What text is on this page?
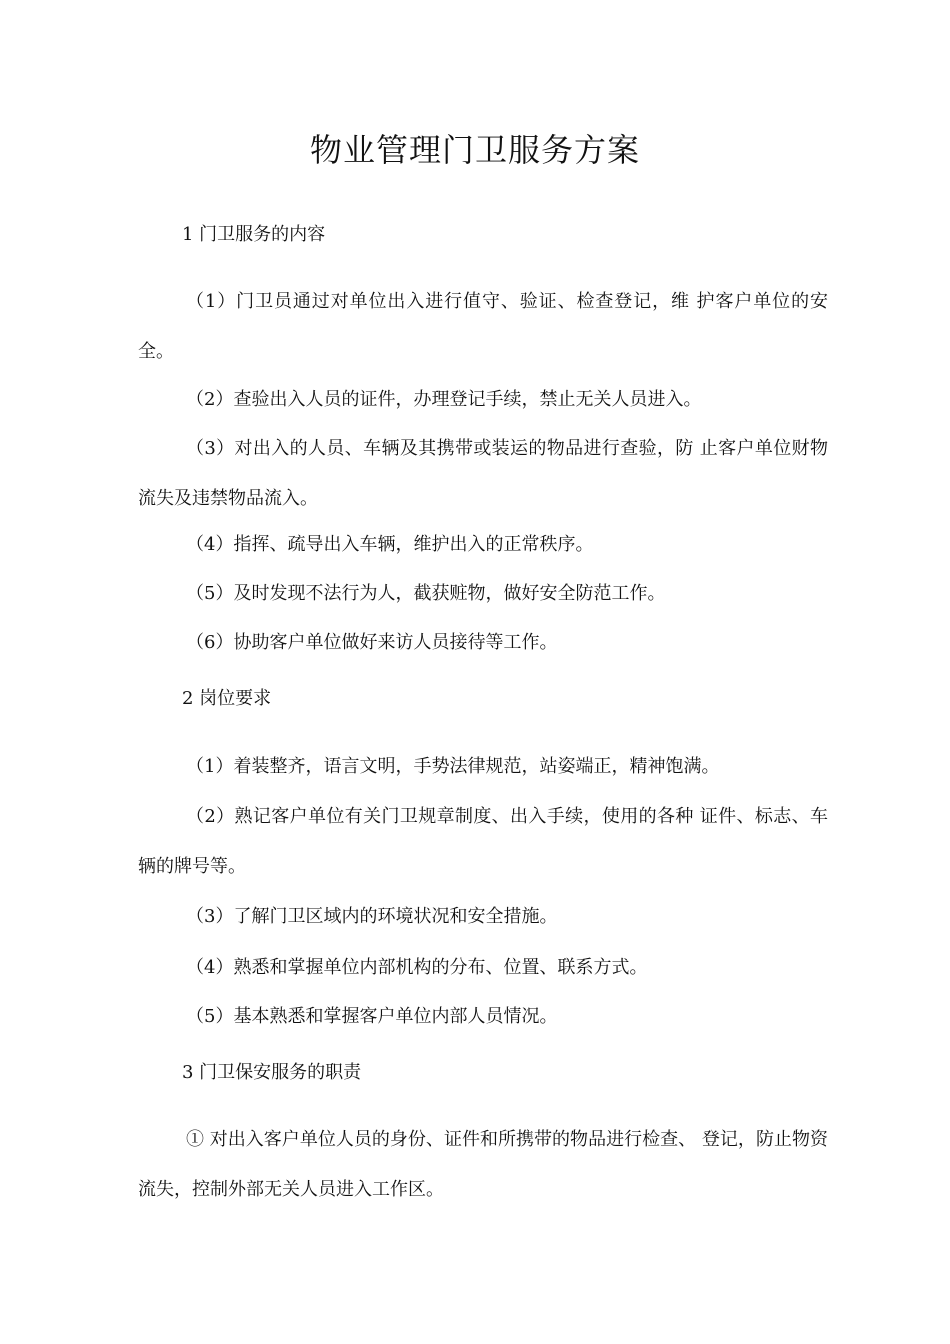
物业管理门卫服务方案
1 门卫服务的内容
（1）门卫员通过对单位出入进行值守、验证、检查登记，维 护客户单位的安全。
（2）查验出入人员的证件，办理登记手续，禁止无关人员进入。
（3）对出入的人员、车辆及其携带或装运的物品进行查验，防 止客户单位财物流失及违禁物品流入。
（4）指挥、疏导出入车辆，维护出入的正常秩序。
（5）及时发现不法行为人，截获赃物，做好安全防范工作。
（6）协助客户单位做好来访人员接待等工作。
2 岗位要求
（1）着装整齐，语言文明，手势法律规范，站姿端正，精神饱满。
（2）熟记客户单位有关门卫规章制度、出入手续，使用的各种 证件、标志、车辆的牌号等。
（3）了解门卫区域内的环境状况和安全措施。
（4）熟悉和掌握单位内部机构的分布、位置、联系方式。
（5）基本熟悉和掌握客户单位内部人员情况。
3 门卫保安服务的职责
① 对出入客户单位人员的身份、证件和所携带的物品进行检查、 登记，防止物资流失，控制外部无关人员进入工作区。
